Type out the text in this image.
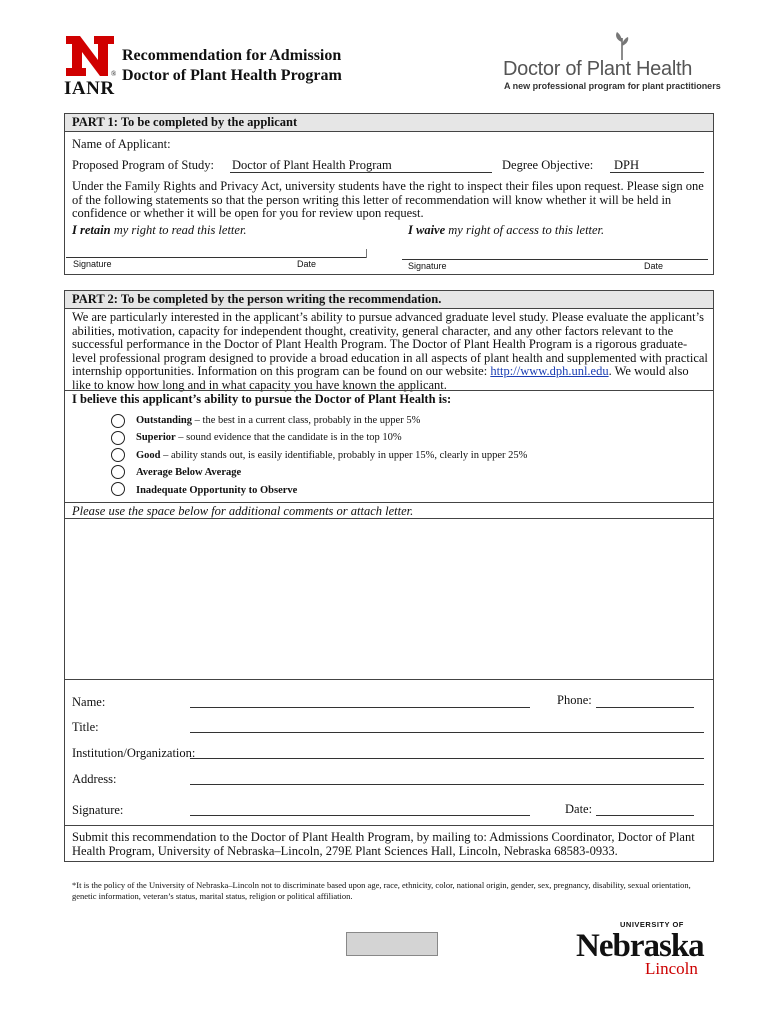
IANR
®
Recommendation for Admission
Doctor of Plant Health Program	Doctor of Plant Health
A new professional program for plant practitioners
PART 1: To be completed by the applicant
Name of Applicant:
Proposed Program of Study: Doctor of Plant Health Program	Degree Objective: DPH
Under the Family Rights and Privacy Act, university students have the right to inspect their files upon request. Please sign one of the following statements so that the person writing this letter of recommendation will know whether it will be held in confidence or whether it will be open for you for review upon request.
I retain my right to read this letter.	I waive my right of access to this letter.
Signature	Date	Signature	Date
PART 2: To be completed by the person writing the recommendation.
We are particularly interested in the applicant’s ability to pursue advanced graduate level study. Please evaluate the applicant’s abilities, motivation, capacity for independent thought, creativity, general character, and any other factors relevant to the successful performance in the Doctor of Plant Health Program. The Doctor of Plant Health Program is a rigorous graduate-level professional program designed to provide a broad education in all aspects of plant health and supplemented with practical internship opportunities. Information on this program can be found on our website: http://www.dph.unl.edu. We would also like to know how long and in what capacity you have known the applicant.
I believe this applicant’s ability to pursue the Doctor of Plant Health is:
Outstanding – the best in a current class, probably in the upper 5%
Superior – sound evidence that the candidate is in the top 10%
Good – ability stands out, is easily identifiable, probably in upper 15%, clearly in upper 25%
Average Below Average
Inadequate Opportunity to Observe
Please use the space below for additional comments or attach letter.
Name:	Phone:
Title:
Institution/Organization:
Address:
Signature:	Date:
Submit this recommendation to the Doctor of Plant Health Program, by mailing to: Admissions Coordinator, Doctor of Plant Health Program, University of Nebraska–Lincoln, 279E Plant Sciences Hall, Lincoln, Nebraska 68583-0933.
*It is the policy of the University of Nebraska–Lincoln not to discriminate based upon age, race, ethnicity, color, national origin, gender, sex, pregnancy, disability, sexual orientation, genetic information, veteran’s status, marital status, religion or political affiliation.
UNIVERSITY OF
Nebraska
Lincoln
